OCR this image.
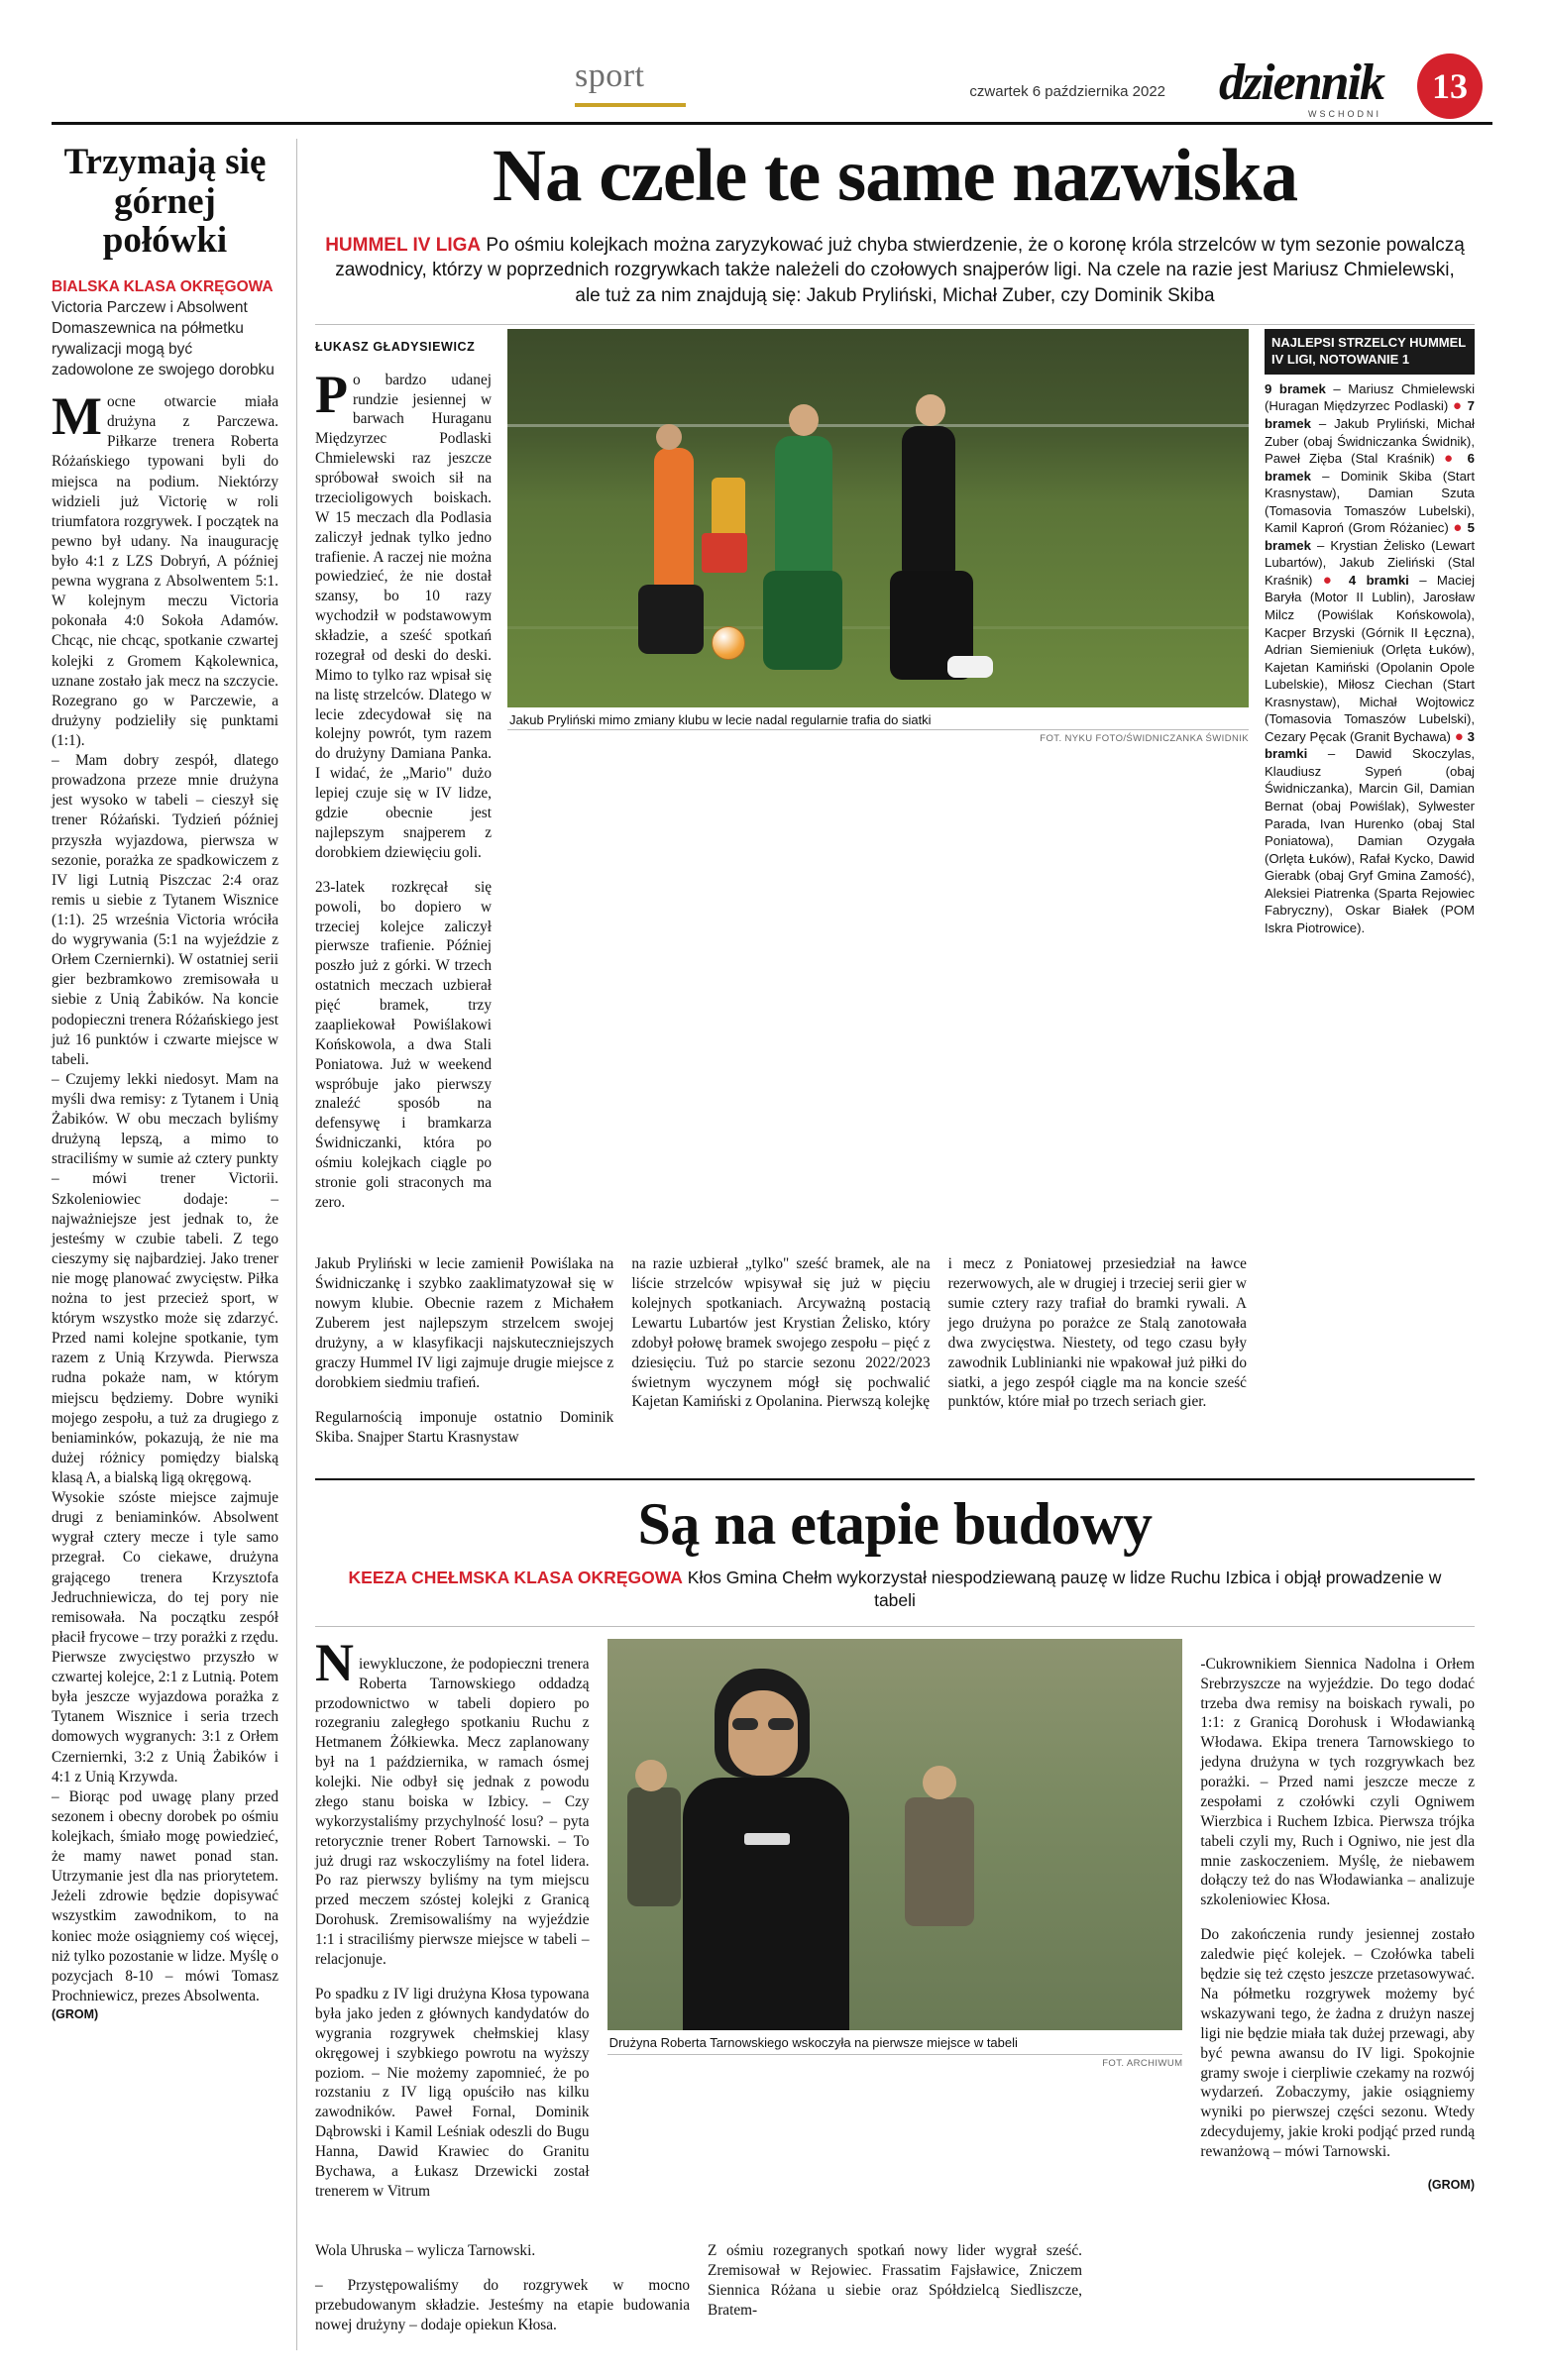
sport	czwartek 6 października 2022 dziennik
WSCHODNI
13
Trzymają się górnej połówki
BIALSKA KLASA OKRĘGOWA Victoria Parczew i Absolwent Domaszewnica na półmetku rywalizacji mogą być zadowolone ze swojego dorobku
M ocne otwarcie miała drużyna z Parczewa. Piłkarze trenera Roberta Różańskiego typowani byli do miejsca na podium. Niektórzy widzieli już Victorię w roli triumfatora rozgrywek. I początek na pewno był udany. Na inaugurację było 4:1 z LZS Dobryń, A później pewna wygrana z Absolwentem 5:1. W kolejnym meczu Victoria pokonała 4:0 Sokoła Adamów. Chcąc, nie chcąc, spotkanie czwartej kolejki z Gromem Kąkolewnica, uznane zostało jak mecz na szczycie. Rozegrano go w Parczewie, a drużyny podzieliły się punktami (1:1).

– Mam dobry zespół, dlatego prowadzona przeze mnie drużyna jest wysoko w tabeli – cieszył się trener Różański. Tydzień później przyszła wyjazdowa, pierwsza w sezonie, porażka ze spadkowiczem z IV ligi Lutnią Piszczac 2:4 oraz remis u siebie z Tytanem Wisznice (1:1). 25 września Victoria wróciła do wygrywania (5:1 na wyjeździe z Orłem Czerniernki). W ostatniej serii gier bezbramkowo zremisowała u siebie z Unią Żabików. Na koncie podopieczni trenera Różańskiego jest już 16 punktów i czwarte miejsce w tabeli.

– Czujemy lekki niedosyt. Mam na myśli dwa remisy: z Tytanem i Unią Żabików. W obu meczach byliśmy drużyną lepszą, a mimo to straciliśmy w sumie aż cztery punkty – mówi trener Victorii. Szkoleniowiec dodaje: – najważniejsze jest jednak to, że jesteśmy w czubie tabeli. Z tego cieszymy się najbardziej. Jako trener nie mogę planować zwycięstw. Piłka nożna to jest przecież sport, w którym wszystko może się zdarzyć. Przed nami kolejne spotkanie, tym razem z Unią Krzywda. Pierwsza rudna pokaże nam, w którym miejscu będziemy. Dobre wyniki mojego zespołu, a tuż za drugiego z beniaminków, pokazują, że nie ma dużej różnicy pomiędzy bialską klasą A, a bialską ligą okręgową.

Wysokie szóste miejsce zajmuje drugi z beniaminków. Absolwent wygrał cztery mecze i tyle samo przegrał. Co ciekawe, drużyna grającego trenera Krzysztofa Jedruchniewicza, do tej pory nie remisowała. Na początku zespół płacił frycowe – trzy porażki z rzędu. Pierwsze zwycięstwo przyszło w czwartej kolejce, 2:1 z Lutnią. Potem była jeszcze wyjazdowa porażka z Tytanem Wisznice i seria trzech domowych wygranych: 3:1 z Orłem Czerniernki, 3:2 z Unią Żabików i 4:1 z Unią Krzywda.

– Biorąc pod uwagę plany przed sezonem i obecny dorobek po ośmiu kolejkach, śmiało mogę powiedzieć, że mamy nawet ponad stan. Utrzymanie jest dla nas priorytetem. Jeżeli zdrowie będzie dopisywać wszystkim zawodnikom, to na koniec może osiągniemy coś więcej, niż tylko pozostanie w lidze. Myślę o pozycjach 8-10 – mówi Tomasz Prochniewicz, prezes Absolwenta.

(GROM)

Na czele te same nazwiska
HUMMEL IV LIGA Po ośmiu kolejkach można zaryzykować już chyba stwierdzenie, że o koronę króla strzelców w tym sezonie powalczą zawodnicy, którzy w poprzednich rozgrywkach także należeli do czołowych snajperów ligi. Na czele na razie jest Mariusz Chmielewski, ale tuż za nim znajdują się: Jakub Pryliński, Michał Zuber, czy Dominik Skiba
ŁUKASZ GŁADYSIEWICZ
P o bardzo udanej rundzie jesiennej w barwach Huraganu Międzyrzec Podlaski Chmielewski raz jeszcze spróbował swoich sił na trzecioligowych boiskach. W 15 meczach dla Podlasia zaliczył jednak tylko jedno trafienie. A raczej nie można powiedzieć, że nie dostał szansy, bo 10 razy wychodził w podstawowym składzie, a sześć spotkań rozegrał od deski do deski. Mimo to tylko raz wpisał się na listę strzelców. Dlatego w lecie zdecydował się na kolejny powrót, tym razem do drużyny Damiana Panka. I widać, że „Mario" dużo lepiej czuje się w IV lidze, gdzie obecnie jest najlepszym snajperem z dorobkiem dziewięciu goli.

23-latek rozkręcał się powoli, bo dopiero w trzeciej kolejce zaliczył pierwsze trafienie. Później poszło już z górki. W trzech ostatnich meczach uzbierał pięć bramek, trzy zaapliekował Powiślakowi Końskowola, a dwa Stali Poniatowa. Już w weekend wspróbuje jako pierwszy znaleźć sposób na defensywę i bramkarza Świdniczanki, która po ośmiu kolejkach ciągle po stronie goli straconych ma zero.

Jakub Pryliński mimo zmiany klubu w lecie nadal regularnie trafia do siatki
FOT. NYKU FOTO/ŚWIDNICZANKA ŚWIDNIK
NAJLEPSI STRZELCY HUMMEL IV LIGI, NOTOWANIE 1
9 bramek – Mariusz Chmielewski (Huragan Międzyrzec Podlaski) ● 7 bramek – Jakub Pryliński, Michał Zuber (obaj Świdniczanka Świdnik), Paweł Zięba (Stal Kraśnik) ● 6 bramek – Dominik Skiba (Start Krasnystaw), Damian Szuta (Tomasovia Tomaszów Lubelski), Kamil Kaproń (Grom Różaniec) ● 5 bramek – Krystian Żelisko (Lewart Lubartów), Jakub Zieliński (Stal Kraśnik) ● 4 bramki – Maciej Baryła (Motor II Lublin), Jarosław Milcz (Powiślak Końskowola), Kacper Brzyski (Górnik II Łęczna), Adrian Siemieniuk (Orlęta Łuków), Kajetan Kamiński (Opolanin Opole Lubelskie), Miłosz Ciechan (Start Krasnystaw), Michał Wojtowicz (Tomasovia Tomaszów Lubelski), Cezary Pęcak (Granit Bychawa) ● 3 bramki – Dawid Skoczylas, Klaudiusz Sypeń (obaj Świdniczanka), Marcin Gil, Damian Bernat (obaj Powiślak), Sylwester Parada, Ivan Hurenko (obaj Stal Poniatowa), Damian Ozygała (Orlęta Łuków), Rafał Kycko, Dawid Gierabk (obaj Gryf Gmina Zamość), Aleksiei Piatrenka (Sparta Rejowiec Fabryczny), Oskar Białek (POM Iskra Piotrowice).

Jakub Pryliński w lecie zamienił Powiślaka na Świdniczankę i szybko zaaklimatyzował się w nowym klubie. Obecnie razem z Michałem Zuberem jest najlepszym strzelcem swojej drużyny, a w klasyfikacji najskuteczniejszych graczy Hummel IV ligi zajmuje drugie miejsce z dorobkiem siedmiu trafień.

Regularnością imponuje ostatnio Dominik Skiba. Snajper Startu Krasnystaw

na razie uzbierał „tylko" sześć bramek, ale na liście strzelców wpisywał się już w pięciu kolejnych spotkaniach. Arcyważną postacią Lewartu Lubartów jest Krystian Żelisko, który zdobył połowę bramek swojego zespołu – pięć z dziesięciu. Tuż po starcie sezonu 2022/2023 świetnym wyczynem mógł się pochwalić Kajetan Kamiński z Opolanina. Pierwszą kolejkę

i mecz z Poniatowej przesiedział na ławce rezerwowych, ale w drugiej i trzeciej serii gier w sumie cztery razy trafiał do bramki rywali. A jego drużyna po porażce ze Stalą zanotowała dwa zwycięstwa. Niestety, od tego czasu były zawodnik Lublinianki nie wpakował już piłki do siatki, a jego zespół ciągle ma na koncie sześć punktów, które miał po trzech seriach gier.

Są na etapie budowy
KEEZA CHEŁMSKA KLASA OKRĘGOWA Kłos Gmina Chełm wykorzystał niespodziewaną pauzę w lidze Ruchu Izbica i objął prowadzenie w tabeli
N iewykluczone, że podopieczni trenera Roberta Tarnowskiego oddadzą przodownictwo w tabeli dopiero po rozegraniu zaległego spotkaniu Ruchu z Hetmanem Żółkiewka. Mecz zaplanowany był na 1 października, w ramach ósmej kolejki. Nie odbył się jednak z powodu złego stanu boiska w Izbicy. – Czy wykorzystaliśmy przychylność losu? – pyta retorycznie trener Robert Tarnowski. – To już drugi raz wskoczyliśmy na fotel lidera. Po raz pierwszy byliśmy na tym miejscu przed meczem szóstej kolejki z Granicą Dorohusk. Zremisowaliśmy na wyjeździe 1:1 i straciliśmy pierwsze miejsce w tabeli – relacjonuje.

Po spadku z IV ligi drużyna Kłosa typowana była jako jeden z głównych kandydatów do wygrania rozgrywek chełmskiej klasy okręgowej i szybkiego powrotu na wyższy poziom. – Nie możemy zapomnieć, że po rozstaniu z IV ligą opuściło nas kilku zawodników. Paweł Fornal, Dominik Dąbrowski i Kamil Leśniak odeszli do Bugu Hanna, Dawid Krawiec do Granitu Bychawa, a Łukasz Drzewicki został trenerem w Vitrum

Drużyna Roberta Tarnowskiego wskoczyła na pierwsze miejsce w tabeli
FOT. ARCHIWUM

-Cukrownikiem Siennica Nadolna i Orłem Srebrzyszcze na wyjeździe. Do tego dodać trzeba dwa remisy na boiskach rywali, po 1:1: z Granicą Dorohusk i Włodawianką Włodawa. Ekipa trenera Tarnowskiego to jedyna drużyna w tych rozgrywkach bez porażki. – Przed nami jeszcze mecze z zespołami z czołówki czyli Ogniwem Wierzbica i Ruchem Izbica. Pierwsza trójka tabeli czyli my, Ruch i Ogniwo, nie jest dla mnie zaskoczeniem. Myślę, że niebawem dołączy też do nas Włodawianka – analizuje szkoleniowiec Kłosa.

Do zakończenia rundy jesiennej zostało zaledwie pięć kolejek. – Czołówka tabeli będzie się też często jeszcze przetasowywać. Na półmetku rozgrywek możemy być wskazywani tego, że żadna z drużyn naszej ligi nie będzie miała tak dużej przewagi, aby być pewna awansu do IV ligi. Spokojnie gramy swoje i cierpliwie czekamy na rozwój wydarzeń. Zobaczymy, jakie osiągniemy wyniki po pierwszej części sezonu. Wtedy zdecydujemy, jakie kroki podjąć przed rundą rewanżową – mówi Tarnowski.

(GROM)

Wola Uhruska – wylicza Tarnowski.

– Przystępowaliśmy do rozgrywek w mocno przebudowanym składzie. Jesteśmy na etapie budowania nowej drużyny – dodaje opiekun Kłosa.

Z ośmiu rozegranych spotkań nowy lider wygrał sześć. Zremisował w Rejowiec. Frassatim Fajsławice, Zniczem Siennica Różana u siebie oraz Spółdzielcą Siedliszcze, Bratem-
